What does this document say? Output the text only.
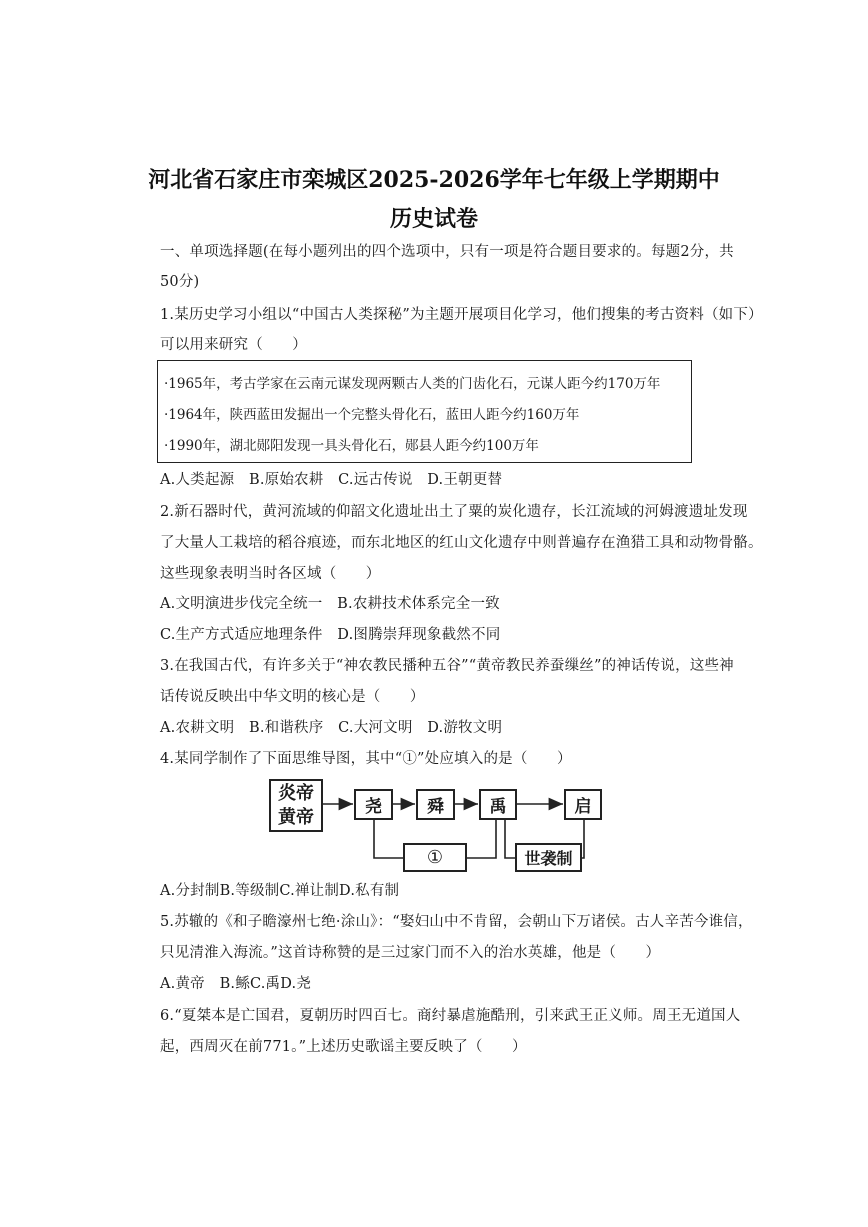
河北省石家庄市栾城区2025-2026学年七年级上学期期中
历史试卷
一、单项选择题(在每小题列出的四个选项中，只有一项是符合题目要求的。每题2分，共
50分)
1.某历史学习小组以“中国古人类探秘”为主题开展项目化学习，他们搜集的考古资料（如下）
可以用来研究（　　）
·1965年，考古学家在云南元谋发现两颗古人类的门齿化石，元谋人距今约170万年
·1964年，陕西蓝田发掘出一个完整头骨化石，蓝田人距今约160万年
·1990年，湖北郧阳发现一具头骨化石，郧县人距今约100万年
A.人类起源　B.原始农耕　C.远古传说　D.王朝更替
2.新石器时代，黄河流域的仰韶文化遗址出土了粟的炭化遗存，长江流域的河姆渡遗址发现
了大量人工栽培的稻谷痕迹，而东北地区的红山文化遗存中则普遍存在渔猎工具和动物骨骼。
这些现象表明当时各区域（　　）
A.文明演进步伐完全统一　B.农耕技术体系完全一致
C.生产方式适应地理条件　D.图腾崇拜现象截然不同
3.在我国古代，有许多关于“神农教民播种五谷”“黄帝教民养蚕缫丝”的神话传说，这些神
话传说反映出中华文明的核心是（　　）
A.农耕文明　B.和谐秩序　C.大河文明　D.游牧文明
4.某同学制作了下面思维导图，其中“①”处应填入的是（　　）
炎帝
黄帝	尧	舜	禹	启
①	世袭制
A.分封制B.等级制C.禅让制D.私有制
5.苏辙的《和子瞻濠州七绝·涂山》：“娶妇山中不肯留，会朝山下万诸侯。古人辛苦今谁信，
只见清淮入海流。”这首诗称赞的是三过家门而不入的治水英雄，他是（　　）
A.黄帝　B.鲧C.禹D.尧
6.“夏桀本是亡国君，夏朝历时四百七。商纣暴虐施酷刑，引来武王正义师。周王无道国人
起，西周灭在前771。”上述历史歌谣主要反映了（　　）
